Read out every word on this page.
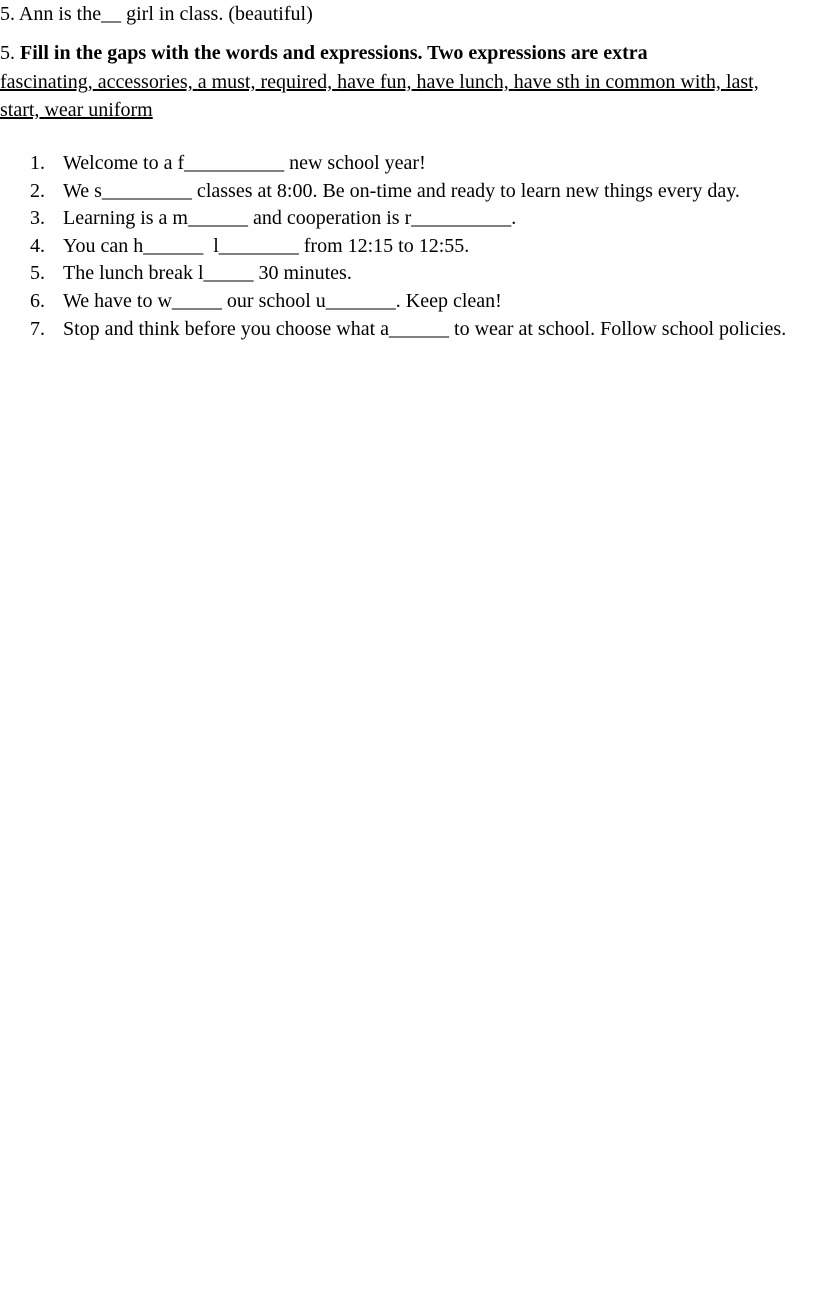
5. Ann is the__ girl in class. (beautiful)
5. Fill in the gaps with the words and expressions. Two expressions are extra
fascinating, accessories, a must, required, have fun, have lunch, have sth in common with, last, start, wear uniform
1. Welcome to a f__________ new school year!
2. We s_________ classes at 8:00. Be on-time and ready to learn new things every day.
3. Learning is a m______ and cooperation is r__________.
4. You can h______  l________ from 12:15 to 12:55.
5. The lunch break l_____ 30 minutes.
6. We have to w_____ our school u_______. Keep clean!
7. Stop and think before you choose what a______ to wear at school. Follow school policies.
